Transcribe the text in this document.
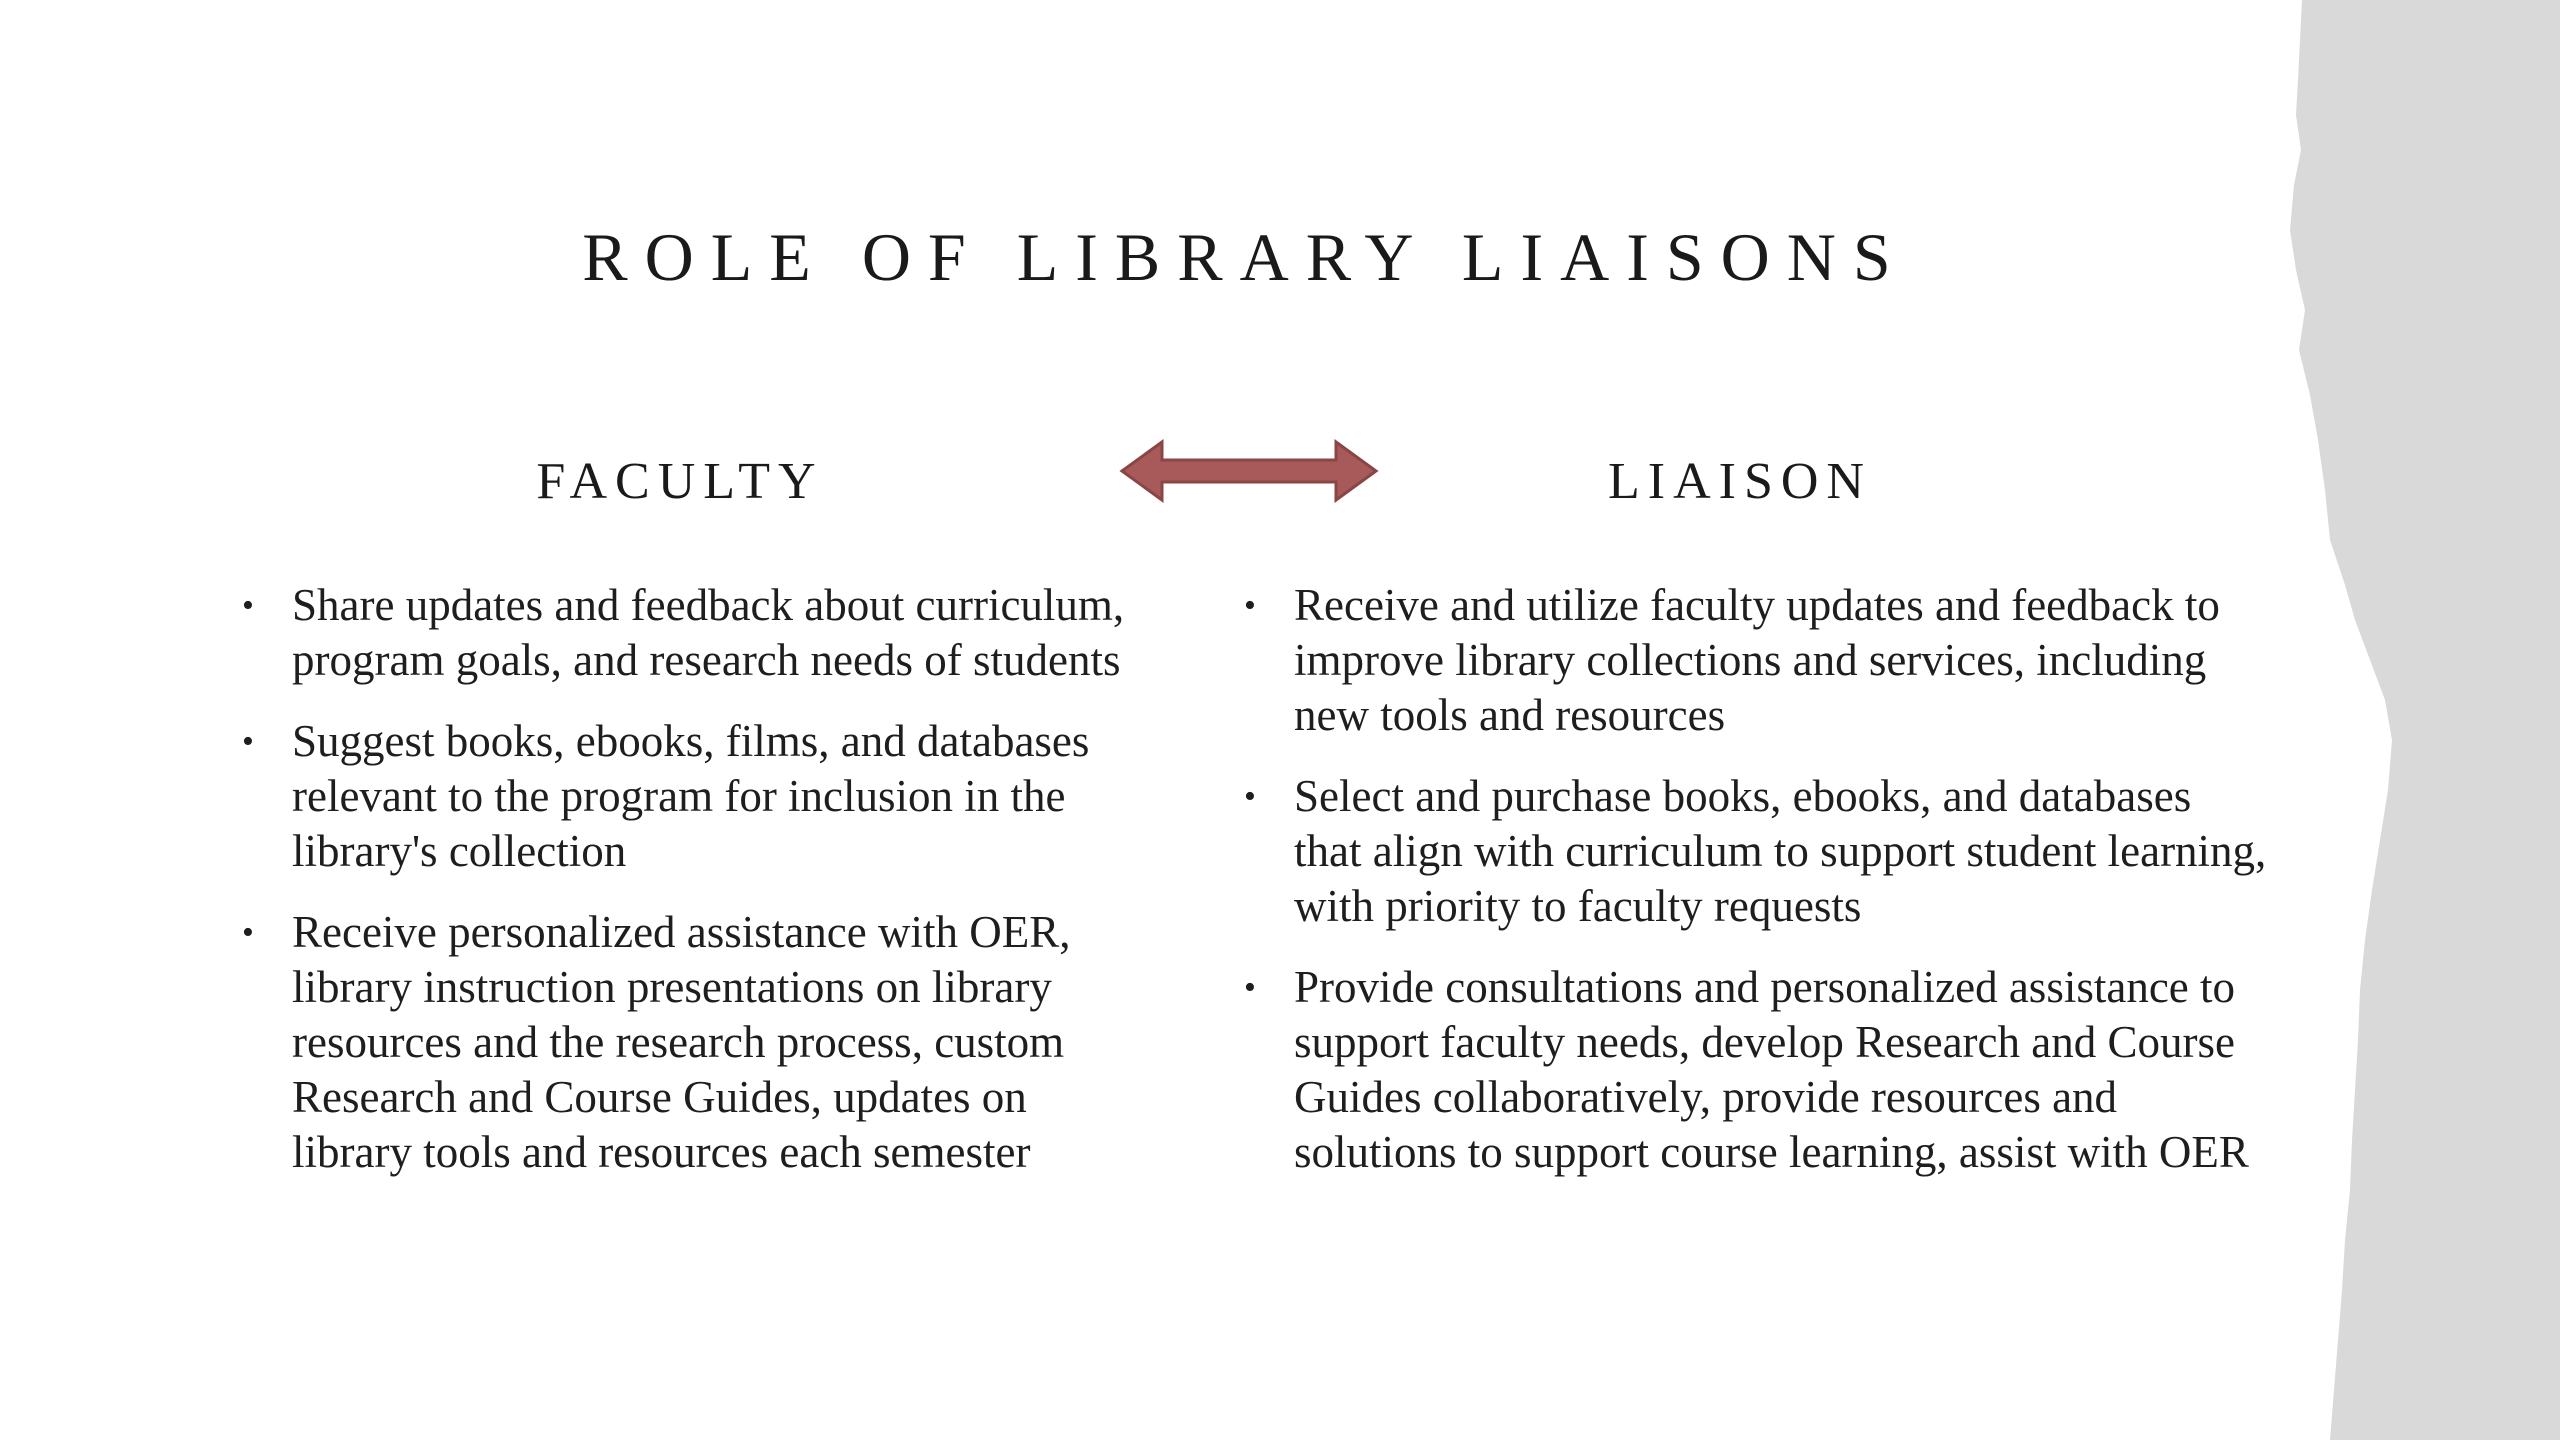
ROLE OF LIBRARY LIAISONS
FACULTY	LIAISON
• Share updates and feedback about curriculum, program goals, and research needs of students
• Suggest books, ebooks, films, and databases relevant to the program for inclusion in the library's collection
• Receive personalized assistance with OER, library instruction presentations on library resources and the research process, custom Research and Course Guides, updates on library tools and resources each semester
• Receive and utilize faculty updates and feedback to improve library collections and services, including new tools and resources
• Select and purchase books, ebooks, and databases that align with curriculum to support student learning, with priority to faculty requests
• Provide consultations and personalized assistance to support faculty needs, develop Research and Course Guides collaboratively, provide resources and solutions to support course learning, assist with OER
